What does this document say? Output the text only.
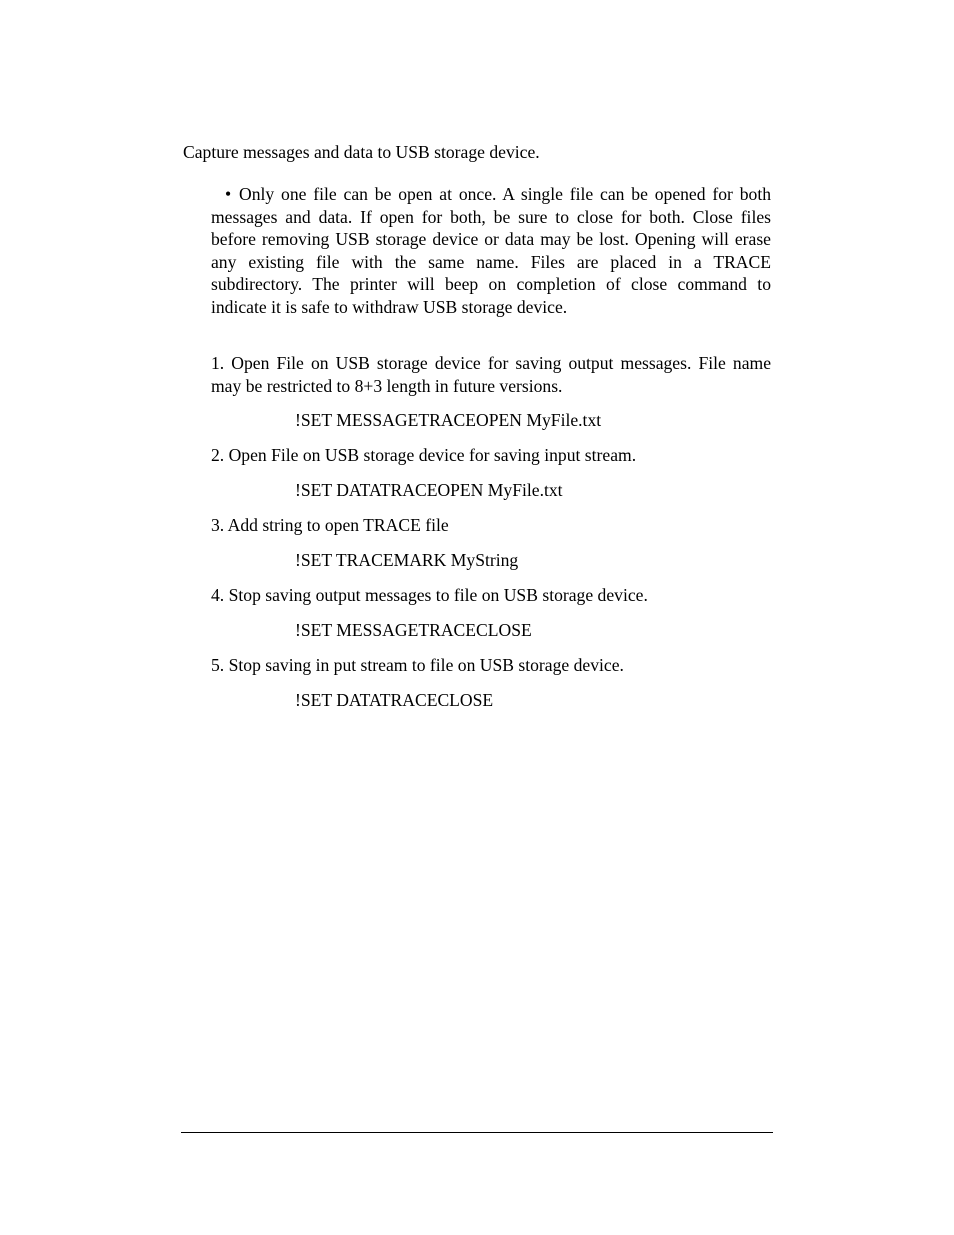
Capture messages and data to USB storage device.
• Only one file can be open at once. A single file can be opened for both messages and data. If open for both, be sure to close for both. Close files before removing USB storage device or data may be lost. Opening will erase any existing file with the same name. Files are placed in a TRACE subdirectory. The printer will beep on completion of close command to indicate it is safe to withdraw USB storage device.
1. Open File on USB storage device for saving output messages. File name may be restricted to 8+3 length in future versions.
!SET MESSAGETRACEOPEN MyFile.txt
2. Open File on USB storage device for saving input stream.
!SET DATATRACEOPEN MyFile.txt
3. Add string to open TRACE file
!SET TRACEMARK MyString
4. Stop saving output messages to file on USB storage device.
!SET MESSAGETRACECLOSE
5. Stop saving in put stream to file on USB storage device.
!SET DATATRACECLOSE
